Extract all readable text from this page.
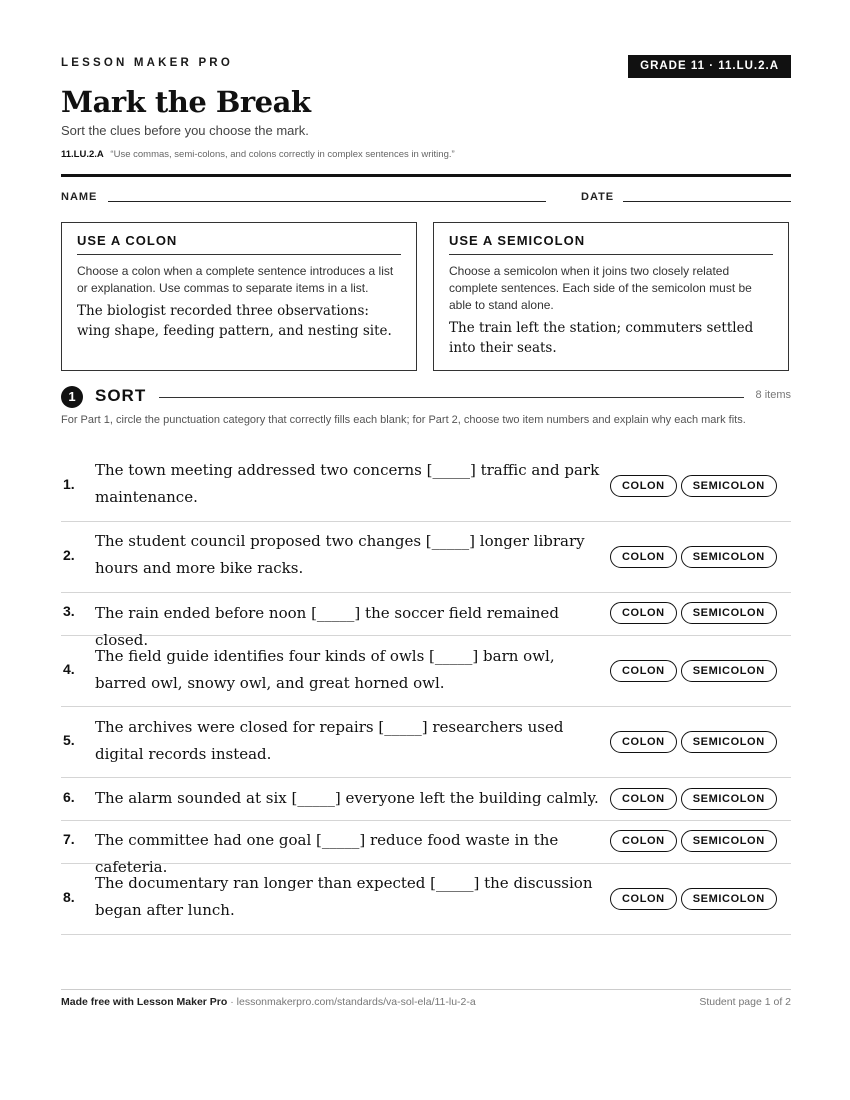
LESSON MAKER PRO	GRADE 11 · 11.LU.2.A
Mark the Break
Sort the clues before you choose the mark.
11.LU.2.A “Use commas, semi-colons, and colons correctly in complex sentences in writing.”
NAME	DATE
USE A COLON
Choose a colon when a complete sentence introduces a list or explanation. Use commas to separate items in a list.
The biologist recorded three observations: wing shape, feeding pattern, and nesting site.
USE A SEMICOLON
Choose a semicolon when it joins two closely related complete sentences. Each side of the semicolon must be able to stand alone.
The train left the station; commuters settled into their seats.
1	SORT	8 items
For Part 1, circle the punctuation category that correctly fills each blank; for Part 2, choose two item numbers and explain why each mark fits.
1.
The town meeting addressed two concerns [_____] traffic and park maintenance.
COLON	SEMICOLON
2.
The student council proposed two changes [_____] longer library hours and more bike racks.
COLON	SEMICOLON
3. The rain ended before noon [_____] the soccer field remained closed.
COLON	SEMICOLON
4.
The field guide identifies four kinds of owls [_____] barn owl, barred owl, snowy owl, and great horned owl.
COLON	SEMICOLON
5.
The archives were closed for repairs [_____] researchers used digital records instead.
COLON	SEMICOLON
6. The alarm sounded at six [_____] everyone left the building calmly.	COLON	SEMICOLON
7. The committee had one goal [_____] reduce food waste in the cafeteria.
COLON	SEMICOLON
8.
The documentary ran longer than expected [_____] the discussion began after lunch.
COLON	SEMICOLON
Made free with Lesson Maker Pro · lessonmakerpro.com/standards/va-sol-ela/11-lu-2-a	Student page 1 of 2
